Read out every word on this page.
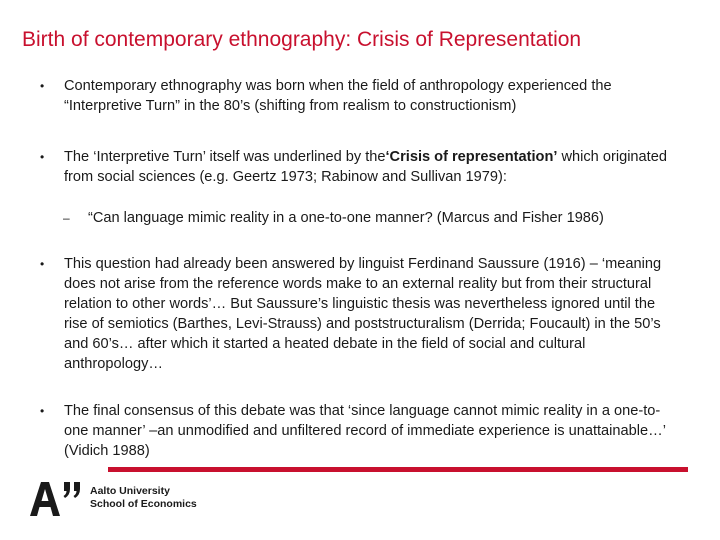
Birth of contemporary ethnography: Crisis of Representation
• Contemporary ethnography was born when the field of anthropology experienced the “Interpretive Turn” in the 80’s (shifting from realism to constructionism)
• The ‘Interpretive Turn’ itself was underlined by the‘Crisis of representation’ which originated from social sciences (e.g. Geertz 1973; Rabinow and Sullivan 1979):
– “Can language mimic reality in a one-to-one manner? (Marcus and Fisher 1986)
• This question had already been answered by linguist Ferdinand Saussure (1916) – ‘meaning does not arise from the reference words make to an external reality but from their structural relation to other words’… But Saussure’s linguistic thesis was nevertheless ignored until the rise of semiotics (Barthes, Levi-Strauss) and poststructuralism (Derrida; Foucault) in the 50’s and 60’s… after which it started a heated debate in the field of social and cultural anthropology…
• The final consensus of this debate was that ‘since language cannot mimic reality in a one-to-one manner’ –an unmodified and unfiltered record of immediate experience is unattainable…’ (Vidich 1988)
Aalto University
School of Economics
